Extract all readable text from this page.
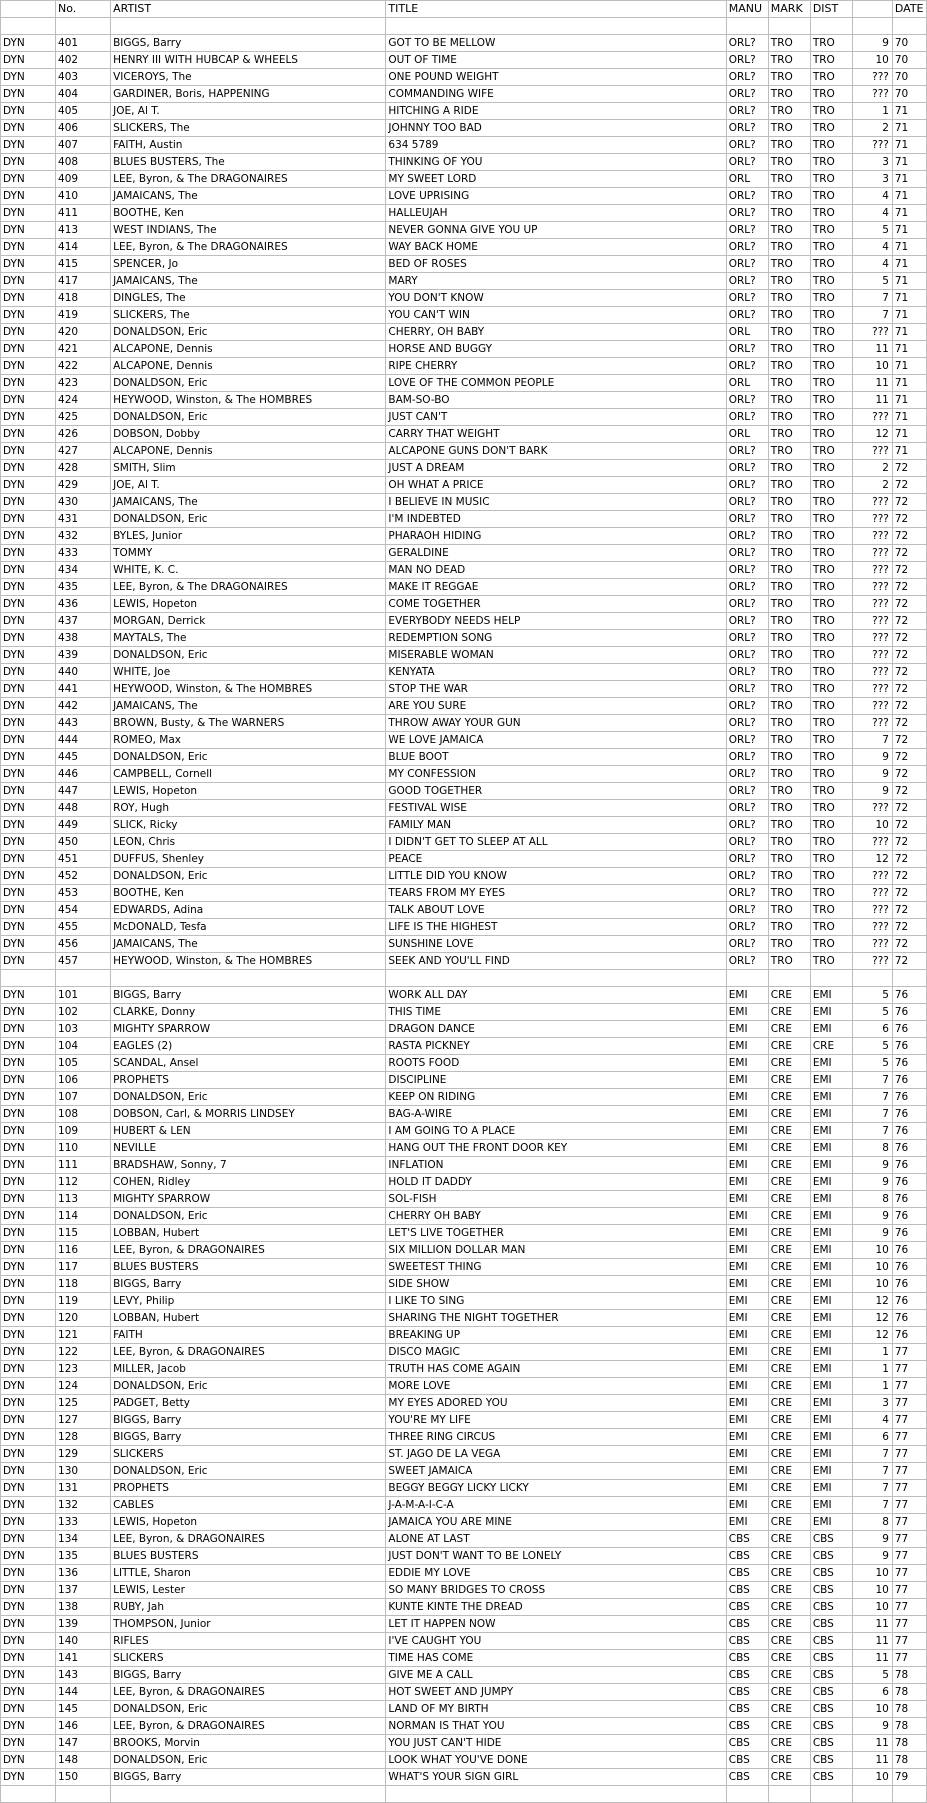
	No.	ARTIST	TITLE	MANU	MARK	DIST		DATE

DYN	401	BIGGS, Barry	GOT TO BE MELLOW	ORL?	TRO	TRO	9	70
DYN	402	HENRY III WITH HUBCAP & WHEELS	OUT OF TIME	ORL?	TRO	TRO	10	70
DYN	403	VICEROYS, The	ONE POUND WEIGHT	ORL?	TRO	TRO	???	70
DYN	404	GARDINER, Boris, HAPPENING	COMMANDING WIFE	ORL?	TRO	TRO	???	70
DYN	405	JOE, Al T.	HITCHING A RIDE	ORL?	TRO	TRO	1	71
DYN	406	SLICKERS, The	JOHNNY TOO BAD	ORL?	TRO	TRO	2	71
DYN	407	FAITH, Austin	634 5789	ORL?	TRO	TRO	???	71
DYN	408	BLUES BUSTERS, The	THINKING OF YOU	ORL?	TRO	TRO	3	71
DYN	409	LEE, Byron, & The DRAGONAIRES	MY SWEET LORD	ORL	TRO	TRO	3	71
DYN	410	JAMAICANS, The	LOVE UPRISING	ORL?	TRO	TRO	4	71
DYN	411	BOOTHE, Ken	HALLEUJAH	ORL?	TRO	TRO	4	71
DYN	413	WEST INDIANS, The	NEVER GONNA GIVE YOU UP	ORL?	TRO	TRO	5	71
DYN	414	LEE, Byron, & The DRAGONAIRES	WAY BACK HOME	ORL?	TRO	TRO	4	71
DYN	415	SPENCER, Jo	BED OF ROSES	ORL?	TRO	TRO	4	71
DYN	417	JAMAICANS, The	MARY	ORL?	TRO	TRO	5	71
DYN	418	DINGLES, The	YOU DON'T KNOW	ORL?	TRO	TRO	7	71
DYN	419	SLICKERS, The	YOU CAN'T WIN	ORL?	TRO	TRO	7	71
DYN	420	DONALDSON, Eric	CHERRY, OH BABY	ORL	TRO	TRO	???	71
DYN	421	ALCAPONE, Dennis	HORSE AND BUGGY	ORL?	TRO	TRO	11	71
DYN	422	ALCAPONE, Dennis	RIPE CHERRY	ORL?	TRO	TRO	10	71
DYN	423	DONALDSON, Eric	LOVE OF THE COMMON PEOPLE	ORL	TRO	TRO	11	71
DYN	424	HEYWOOD, Winston, & The HOMBRES	BAM-SO-BO	ORL?	TRO	TRO	11	71
DYN	425	DONALDSON, Eric	JUST CAN'T	ORL?	TRO	TRO	???	71
DYN	426	DOBSON, Dobby	CARRY THAT WEIGHT	ORL	TRO	TRO	12	71
DYN	427	ALCAPONE, Dennis	ALCAPONE GUNS DON'T BARK	ORL?	TRO	TRO	???	71
DYN	428	SMITH, Slim	JUST A DREAM	ORL?	TRO	TRO	2	72
DYN	429	JOE, Al T.	OH WHAT A PRICE	ORL?	TRO	TRO	2	72
DYN	430	JAMAICANS, The	I BELIEVE IN MUSIC	ORL?	TRO	TRO	???	72
DYN	431	DONALDSON, Eric	I'M INDEBTED	ORL?	TRO	TRO	???	72
DYN	432	BYLES, Junior	PHARAOH HIDING	ORL?	TRO	TRO	???	72
DYN	433	TOMMY	GERALDINE	ORL?	TRO	TRO	???	72
DYN	434	WHITE, K. C.	MAN NO DEAD	ORL?	TRO	TRO	???	72
DYN	435	LEE, Byron, & The DRAGONAIRES	MAKE IT REGGAE	ORL?	TRO	TRO	???	72
DYN	436	LEWIS, Hopeton	COME TOGETHER	ORL?	TRO	TRO	???	72
DYN	437	MORGAN, Derrick	EVERYBODY NEEDS HELP	ORL?	TRO	TRO	???	72
DYN	438	MAYTALS, The	REDEMPTION SONG	ORL?	TRO	TRO	???	72
DYN	439	DONALDSON, Eric	MISERABLE WOMAN	ORL?	TRO	TRO	???	72
DYN	440	WHITE, Joe	KENYATA	ORL?	TRO	TRO	???	72
DYN	441	HEYWOOD, Winston, & The HOMBRES	STOP THE WAR	ORL?	TRO	TRO	???	72
DYN	442	JAMAICANS, The	ARE YOU SURE	ORL?	TRO	TRO	???	72
DYN	443	BROWN, Busty, & The WARNERS	THROW AWAY YOUR GUN	ORL?	TRO	TRO	???	72
DYN	444	ROMEO, Max	WE LOVE JAMAICA	ORL?	TRO	TRO	7	72
DYN	445	DONALDSON, Eric	BLUE BOOT	ORL?	TRO	TRO	9	72
DYN	446	CAMPBELL, Cornell	MY CONFESSION	ORL?	TRO	TRO	9	72
DYN	447	LEWIS, Hopeton	GOOD TOGETHER	ORL?	TRO	TRO	9	72
DYN	448	ROY, Hugh	FESTIVAL WISE	ORL?	TRO	TRO	???	72
DYN	449	SLICK, Ricky	FAMILY MAN	ORL?	TRO	TRO	10	72
DYN	450	LEON, Chris	I DIDN'T GET TO SLEEP AT ALL	ORL?	TRO	TRO	???	72
DYN	451	DUFFUS, Shenley	PEACE	ORL?	TRO	TRO	12	72
DYN	452	DONALDSON, Eric	LITTLE DID YOU KNOW	ORL?	TRO	TRO	???	72
DYN	453	BOOTHE, Ken	TEARS FROM MY EYES	ORL?	TRO	TRO	???	72
DYN	454	EDWARDS, Adina	TALK ABOUT LOVE	ORL?	TRO	TRO	???	72
DYN	455	McDONALD, Tesfa	LIFE IS THE HIGHEST	ORL?	TRO	TRO	???	72
DYN	456	JAMAICANS, The	SUNSHINE LOVE	ORL?	TRO	TRO	???	72
DYN	457	HEYWOOD, Winston, & The HOMBRES	SEEK AND YOU'LL FIND	ORL?	TRO	TRO	???	72

DYN	101	BIGGS, Barry	WORK ALL DAY	EMI	CRE	EMI	5	76
DYN	102	CLARKE, Donny	THIS TIME	EMI	CRE	EMI	5	76
DYN	103	MIGHTY SPARROW	DRAGON DANCE	EMI	CRE	EMI	6	76
DYN	104	EAGLES (2)	RASTA PICKNEY	EMI	CRE	CRE	5	76
DYN	105	SCANDAL, Ansel	ROOTS FOOD	EMI	CRE	EMI	5	76
DYN	106	PROPHETS	DISCIPLINE	EMI	CRE	EMI	7	76
DYN	107	DONALDSON, Eric	KEEP ON RIDING	EMI	CRE	EMI	7	76
DYN	108	DOBSON, Carl, & MORRIS LINDSEY	BAG-A-WIRE	EMI	CRE	EMI	7	76
DYN	109	HUBERT & LEN	I AM GOING TO A PLACE	EMI	CRE	EMI	7	76
DYN	110	NEVILLE	HANG OUT THE FRONT DOOR KEY	EMI	CRE	EMI	8	76
DYN	111	BRADSHAW, Sonny, 7	INFLATION	EMI	CRE	EMI	9	76
DYN	112	COHEN, Ridley	HOLD IT DADDY	EMI	CRE	EMI	9	76
DYN	113	MIGHTY SPARROW	SOL-FISH	EMI	CRE	EMI	8	76
DYN	114	DONALDSON, Eric	CHERRY OH BABY	EMI	CRE	EMI	9	76
DYN	115	LOBBAN, Hubert	LET'S LIVE TOGETHER	EMI	CRE	EMI	9	76
DYN	116	LEE, Byron, & DRAGONAIRES	SIX MILLION DOLLAR MAN	EMI	CRE	EMI	10	76
DYN	117	BLUES BUSTERS	SWEETEST THING	EMI	CRE	EMI	10	76
DYN	118	BIGGS, Barry	SIDE SHOW	EMI	CRE	EMI	10	76
DYN	119	LEVY, Philip	I LIKE TO SING	EMI	CRE	EMI	12	76
DYN	120	LOBBAN, Hubert	SHARING THE NIGHT TOGETHER	EMI	CRE	EMI	12	76
DYN	121	FAITH	BREAKING UP	EMI	CRE	EMI	12	76
DYN	122	LEE, Byron, & DRAGONAIRES	DISCO MAGIC	EMI	CRE	EMI	1	77
DYN	123	MILLER, Jacob	TRUTH HAS COME AGAIN	EMI	CRE	EMI	1	77
DYN	124	DONALDSON, Eric	MORE LOVE	EMI	CRE	EMI	1	77
DYN	125	PADGET, Betty	MY EYES ADORED YOU	EMI	CRE	EMI	3	77
DYN	127	BIGGS, Barry	YOU'RE MY LIFE	EMI	CRE	EMI	4	77
DYN	128	BIGGS, Barry	THREE RING CIRCUS	EMI	CRE	EMI	6	77
DYN	129	SLICKERS	ST. JAGO DE LA VEGA	EMI	CRE	EMI	7	77
DYN	130	DONALDSON, Eric	SWEET JAMAICA	EMI	CRE	EMI	7	77
DYN	131	PROPHETS	BEGGY BEGGY LICKY LICKY	EMI	CRE	EMI	7	77
DYN	132	CABLES	J-A-M-A-I-C-A	EMI	CRE	EMI	7	77
DYN	133	LEWIS, Hopeton	JAMAICA YOU ARE MINE	EMI	CRE	EMI	8	77
DYN	134	LEE, Byron, & DRAGONAIRES	ALONE AT LAST	CBS	CRE	CBS	9	77
DYN	135	BLUES BUSTERS	JUST DON'T WANT TO BE LONELY	CBS	CRE	CBS	9	77
DYN	136	LITTLE, Sharon	EDDIE MY LOVE	CBS	CRE	CBS	10	77
DYN	137	LEWIS, Lester	SO MANY BRIDGES TO CROSS	CBS	CRE	CBS	10	77
DYN	138	RUBY, Jah	KUNTE KINTE THE DREAD	CBS	CRE	CBS	10	77
DYN	139	THOMPSON, Junior	LET IT HAPPEN NOW	CBS	CRE	CBS	11	77
DYN	140	RIFLES	I'VE CAUGHT YOU	CBS	CRE	CBS	11	77
DYN	141	SLICKERS	TIME HAS COME	CBS	CRE	CBS	11	77
DYN	143	BIGGS, Barry	GIVE ME A CALL	CBS	CRE	CBS	5	78
DYN	144	LEE, Byron, & DRAGONAIRES	HOT SWEET AND JUMPY	CBS	CRE	CBS	6	78
DYN	145	DONALDSON, Eric	LAND OF MY BIRTH	CBS	CRE	CBS	10	78
DYN	146	LEE, Byron, & DRAGONAIRES	NORMAN IS THAT YOU	CBS	CRE	CBS	9	78
DYN	147	BROOKS, Morvin	YOU JUST CAN'T HIDE	CBS	CRE	CBS	11	78
DYN	148	DONALDSON, Eric	LOOK WHAT YOU'VE DONE	CBS	CRE	CBS	11	78
DYN	150	BIGGS, Barry	WHAT'S YOUR SIGN GIRL	CBS	CRE	CBS	10	79
